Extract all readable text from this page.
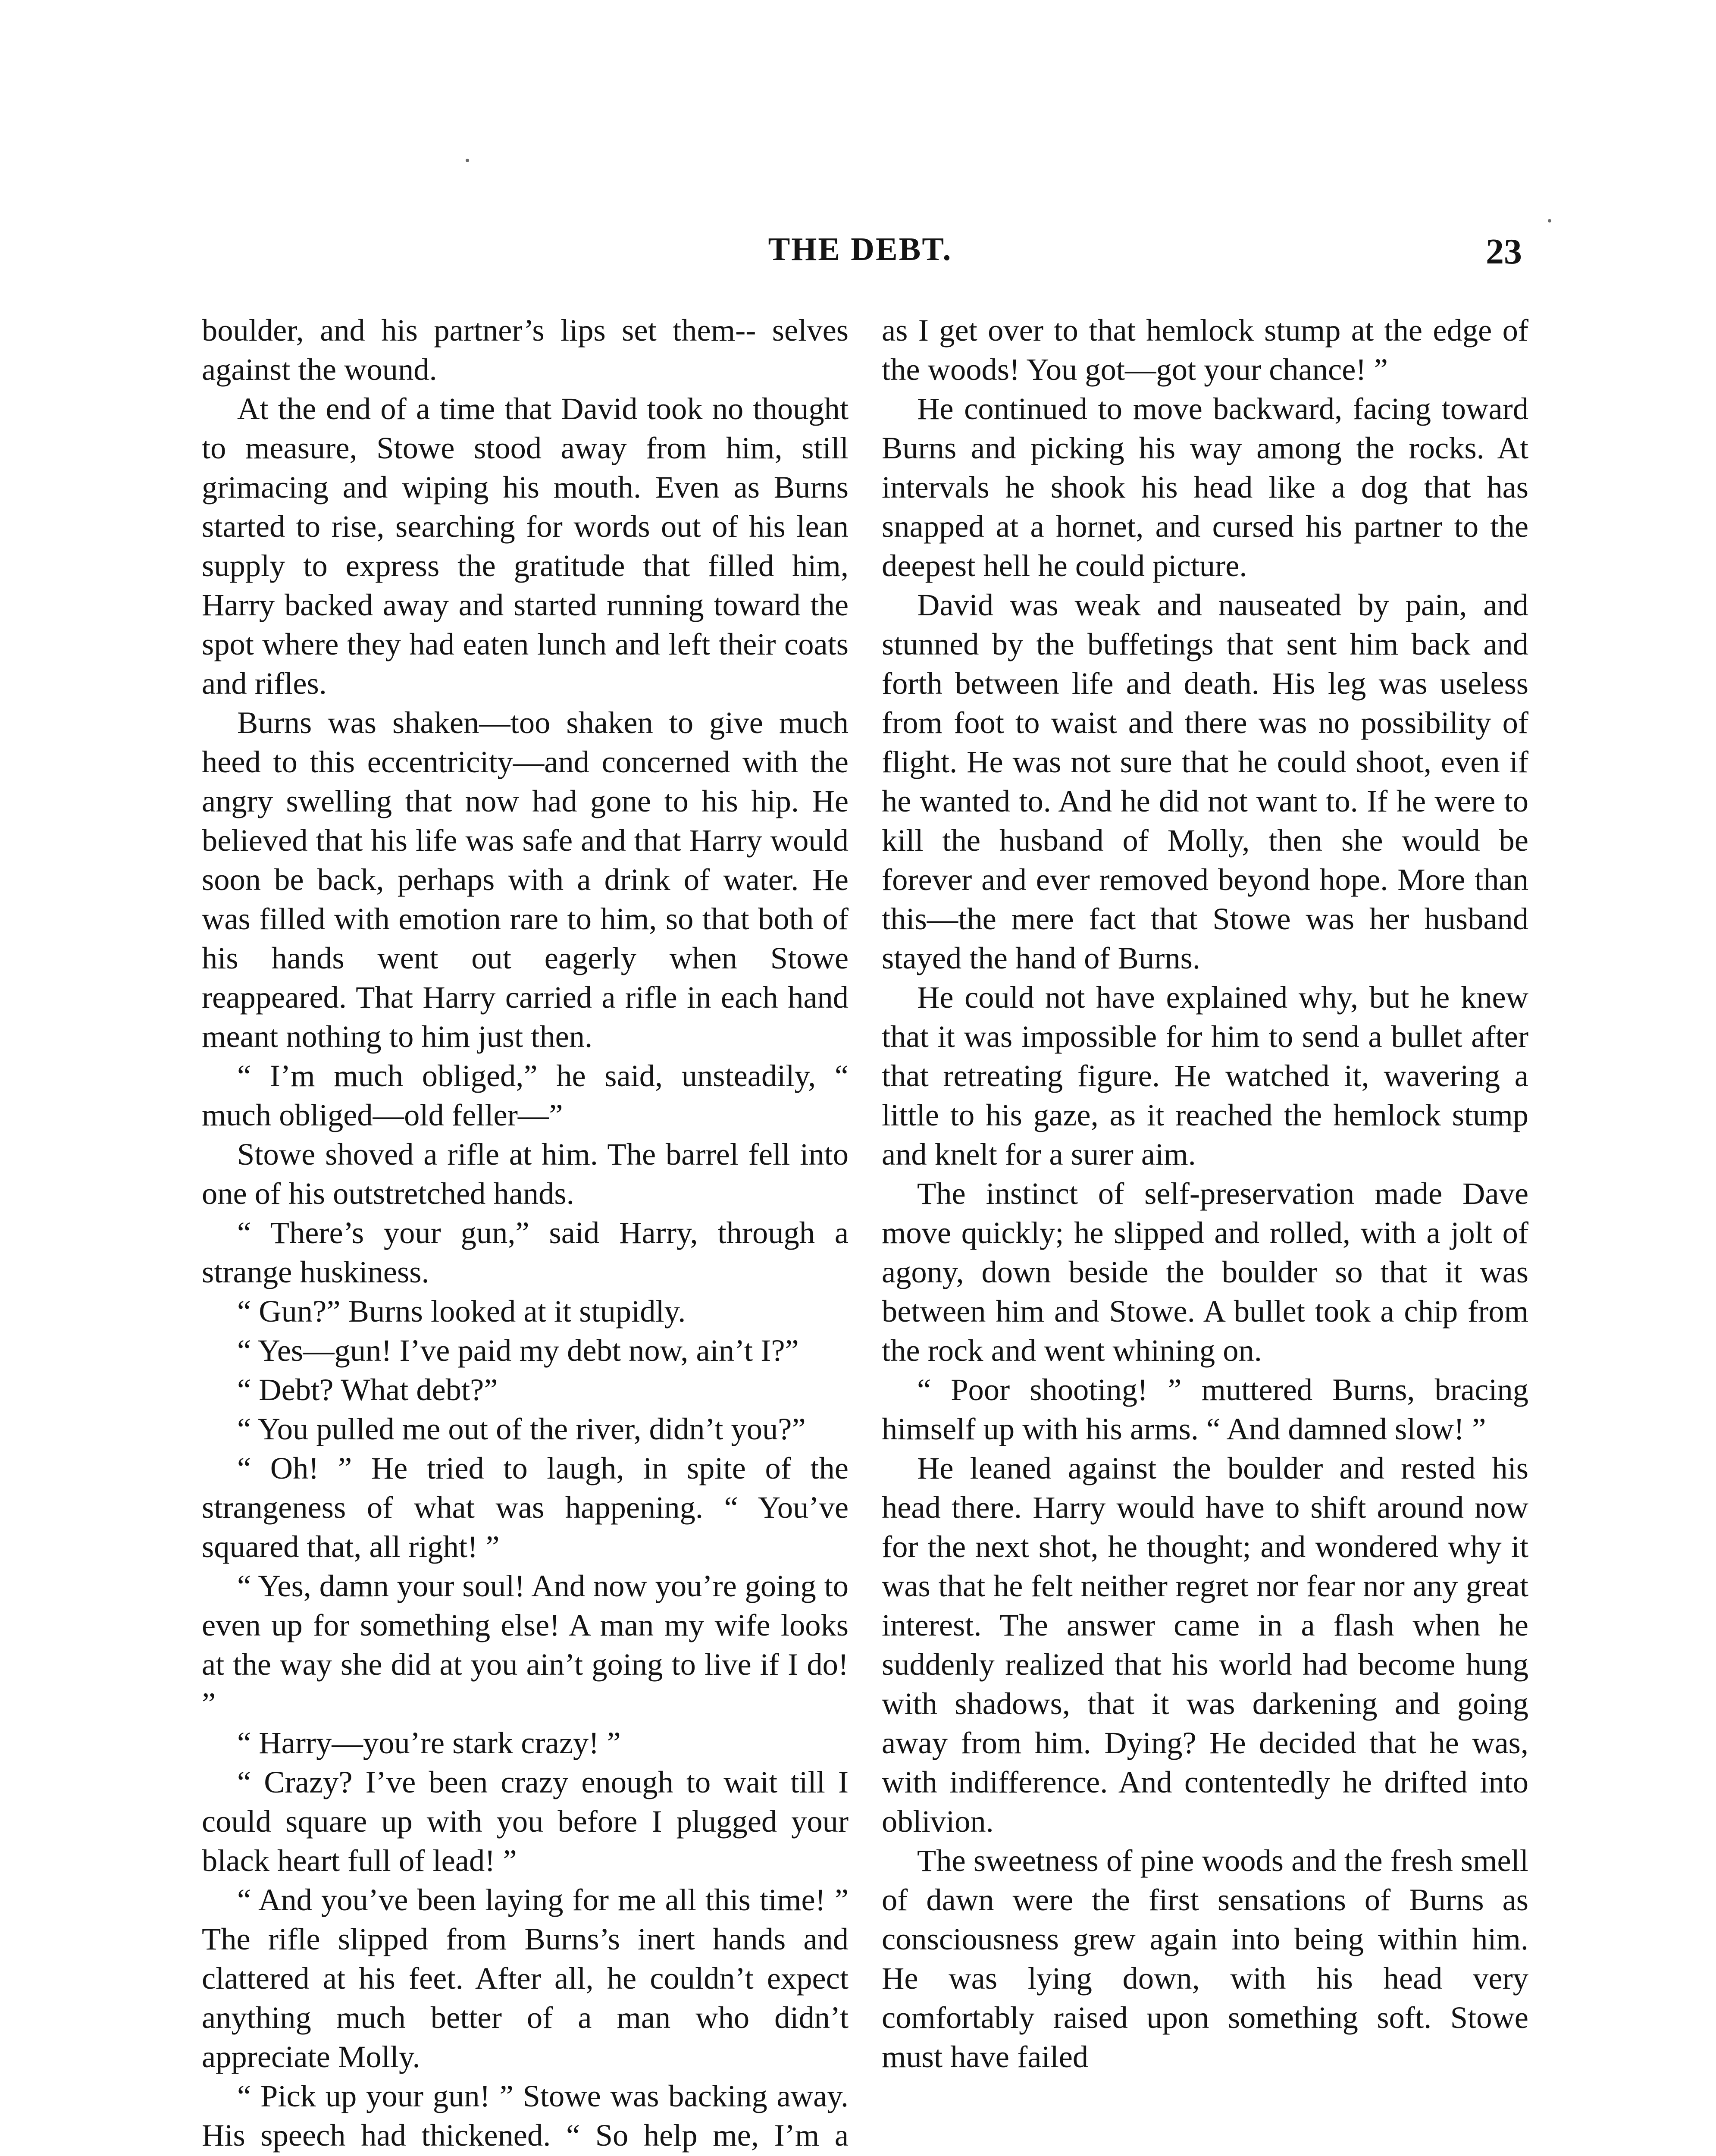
THE DEBT.	23

boulder, and his partner’s lips set them-- selves against the wound.

At the end of a time that David took no thought to measure, Stowe stood away from him, still grimacing and wiping his mouth. Even as Burns started to rise, searching for words out of his lean supply to express the gratitude that filled him, Harry backed away and started running toward the spot where they had eaten lunch and left their coats and rifles.

Burns was shaken—too shaken to give much heed to this eccentricity—and concerned with the angry swelling that now had gone to his hip. He believed that his life was safe and that Harry would soon be back, perhaps with a drink of water. He was filled with emotion rare to him, so that both of his hands went out eagerly when Stowe reappeared. That Harry carried a rifle in each hand meant nothing to him just then.

“ I’m much obliged,” he said, unsteadily, “ much obliged—old feller—”

Stowe shoved a rifle at him. The barrel fell into one of his outstretched hands.

“ There’s your gun,” said Harry, through a strange huskiness.

“ Gun?” Burns looked at it stupidly.

“ Yes—gun! I’ve paid my debt now, ain’t I?”

“ Debt? What debt?”

“ You pulled me out of the river, didn’t you?”

“ Oh! ” He tried to laugh, in spite of the strangeness of what was happening. “ You’ve squared that, all right! ”

“ Yes, damn your soul! And now you’re going to even up for something else! A man my wife looks at the way she did at you ain’t going to live if I do! ”

“ Harry—you’re stark crazy! ”

“ Crazy? I’ve been crazy enough to wait till I could square up with you before I plugged your black heart full of lead! ”

“ And you’ve been laying for me all this time! ” The rifle slipped from Burns’s inert hands and clattered at his feet. After all, he couldn’t expect anything much better of a man who didn’t appreciate Molly.

“ Pick up your gun! ” Stowe was backing away. His speech had thickened. “ So help me, I’m a

as I get over to that hemlock stump at the edge of the woods! You got—got your chance! ”

He continued to move backward, facing toward Burns and picking his way among the rocks. At intervals he shook his head like a dog that has snapped at a hornet, and cursed his partner to the deepest hell he could picture.

David was weak and nauseated by pain, and stunned by the buffetings that sent him back and forth between life and death. His leg was useless from foot to waist and there was no possibility of flight. He was not sure that he could shoot, even if he wanted to. And he did not want to. If he were to kill the husband of Molly, then she would be forever and ever removed beyond hope. More than this—the mere fact that Stowe was her husband stayed the hand of Burns.

He could not have explained why, but he knew that it was impossible for him to send a bullet after that retreating figure. He watched it, wavering a little to his gaze, as it reached the hemlock stump and knelt for a surer aim.

The instinct of self-preservation made Dave move quickly; he slipped and rolled, with a jolt of agony, down beside the boulder so that it was between him and Stowe. A bullet took a chip from the rock and went whining on.

“ Poor shooting! ” muttered Burns, bracing himself up with his arms. “ And damned slow! ”

He leaned against the boulder and rested his head there. Harry would have to shift around now for the next shot, he thought; and wondered why it was that he felt neither regret nor fear nor any great interest. The answer came in a flash when he suddenly realized that his world had become hung with shadows, that it was darkening and going away from him. Dying? He decided that he was, with indifference. And contentedly he drifted into oblivion.

The sweetness of pine woods and the fresh smell of dawn were the first sensations of Burns as consciousness grew again into being within him. He was lying down, with his head very comfortably raised upon something soft. Stowe must have failed
